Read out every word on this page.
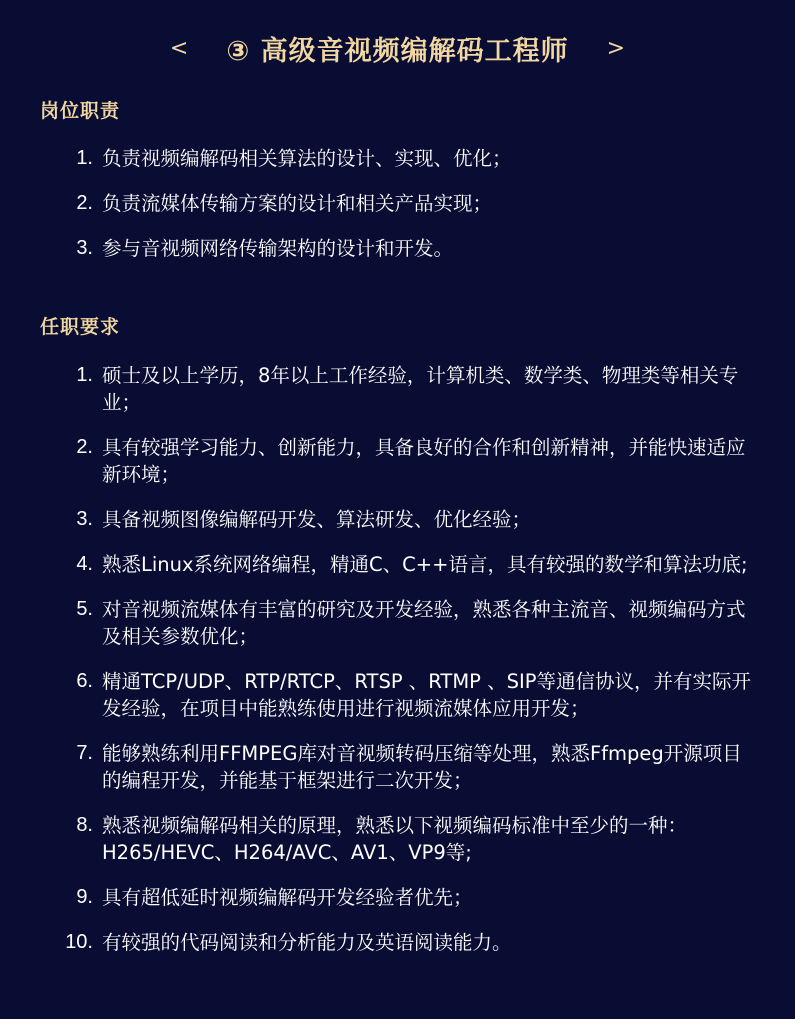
< ③ 高级音视频编解码工程师 >
岗位职责
1. 负责视频编解码相关算法的设计、实现、优化；
2. 负责流媒体传输方案的设计和相关产品实现；
3. 参与音视频网络传输架构的设计和开发。
任职要求
1. 硕士及以上学历，8年以上工作经验，计算机类、数学类、物理类等相关专业；
2. 具有较强学习能力、创新能力，具备良好的合作和创新精神，并能快速适应新环境；
3. 具备视频图像编解码开发、算法研发、优化经验；
4. 熟悉Linux系统网络编程，精通C、C++语言，具有较强的数学和算法功底;
5. 对音视频流媒体有丰富的研究及开发经验，熟悉各种主流音、视频编码方式及相关参数优化；
6. 精通TCP/UDP、RTP/RTCP、RTSP 、RTMP 、SIP等通信协议，并有实际开发经验，在项目中能熟练使用进行视频流媒体应用开发；
7. 能够熟练利用FFMPEG库对音视频转码压缩等处理，熟悉Ffmpeg开源项目的编程开发，并能基于框架进行二次开发；
8. 熟悉视频编解码相关的原理，熟悉以下视频编码标准中至少的一种：H265/HEVC、H264/AVC、AV1、VP9等;
9. 具有超低延时视频编解码开发经验者优先；
10. 有较强的代码阅读和分析能力及英语阅读能力。
